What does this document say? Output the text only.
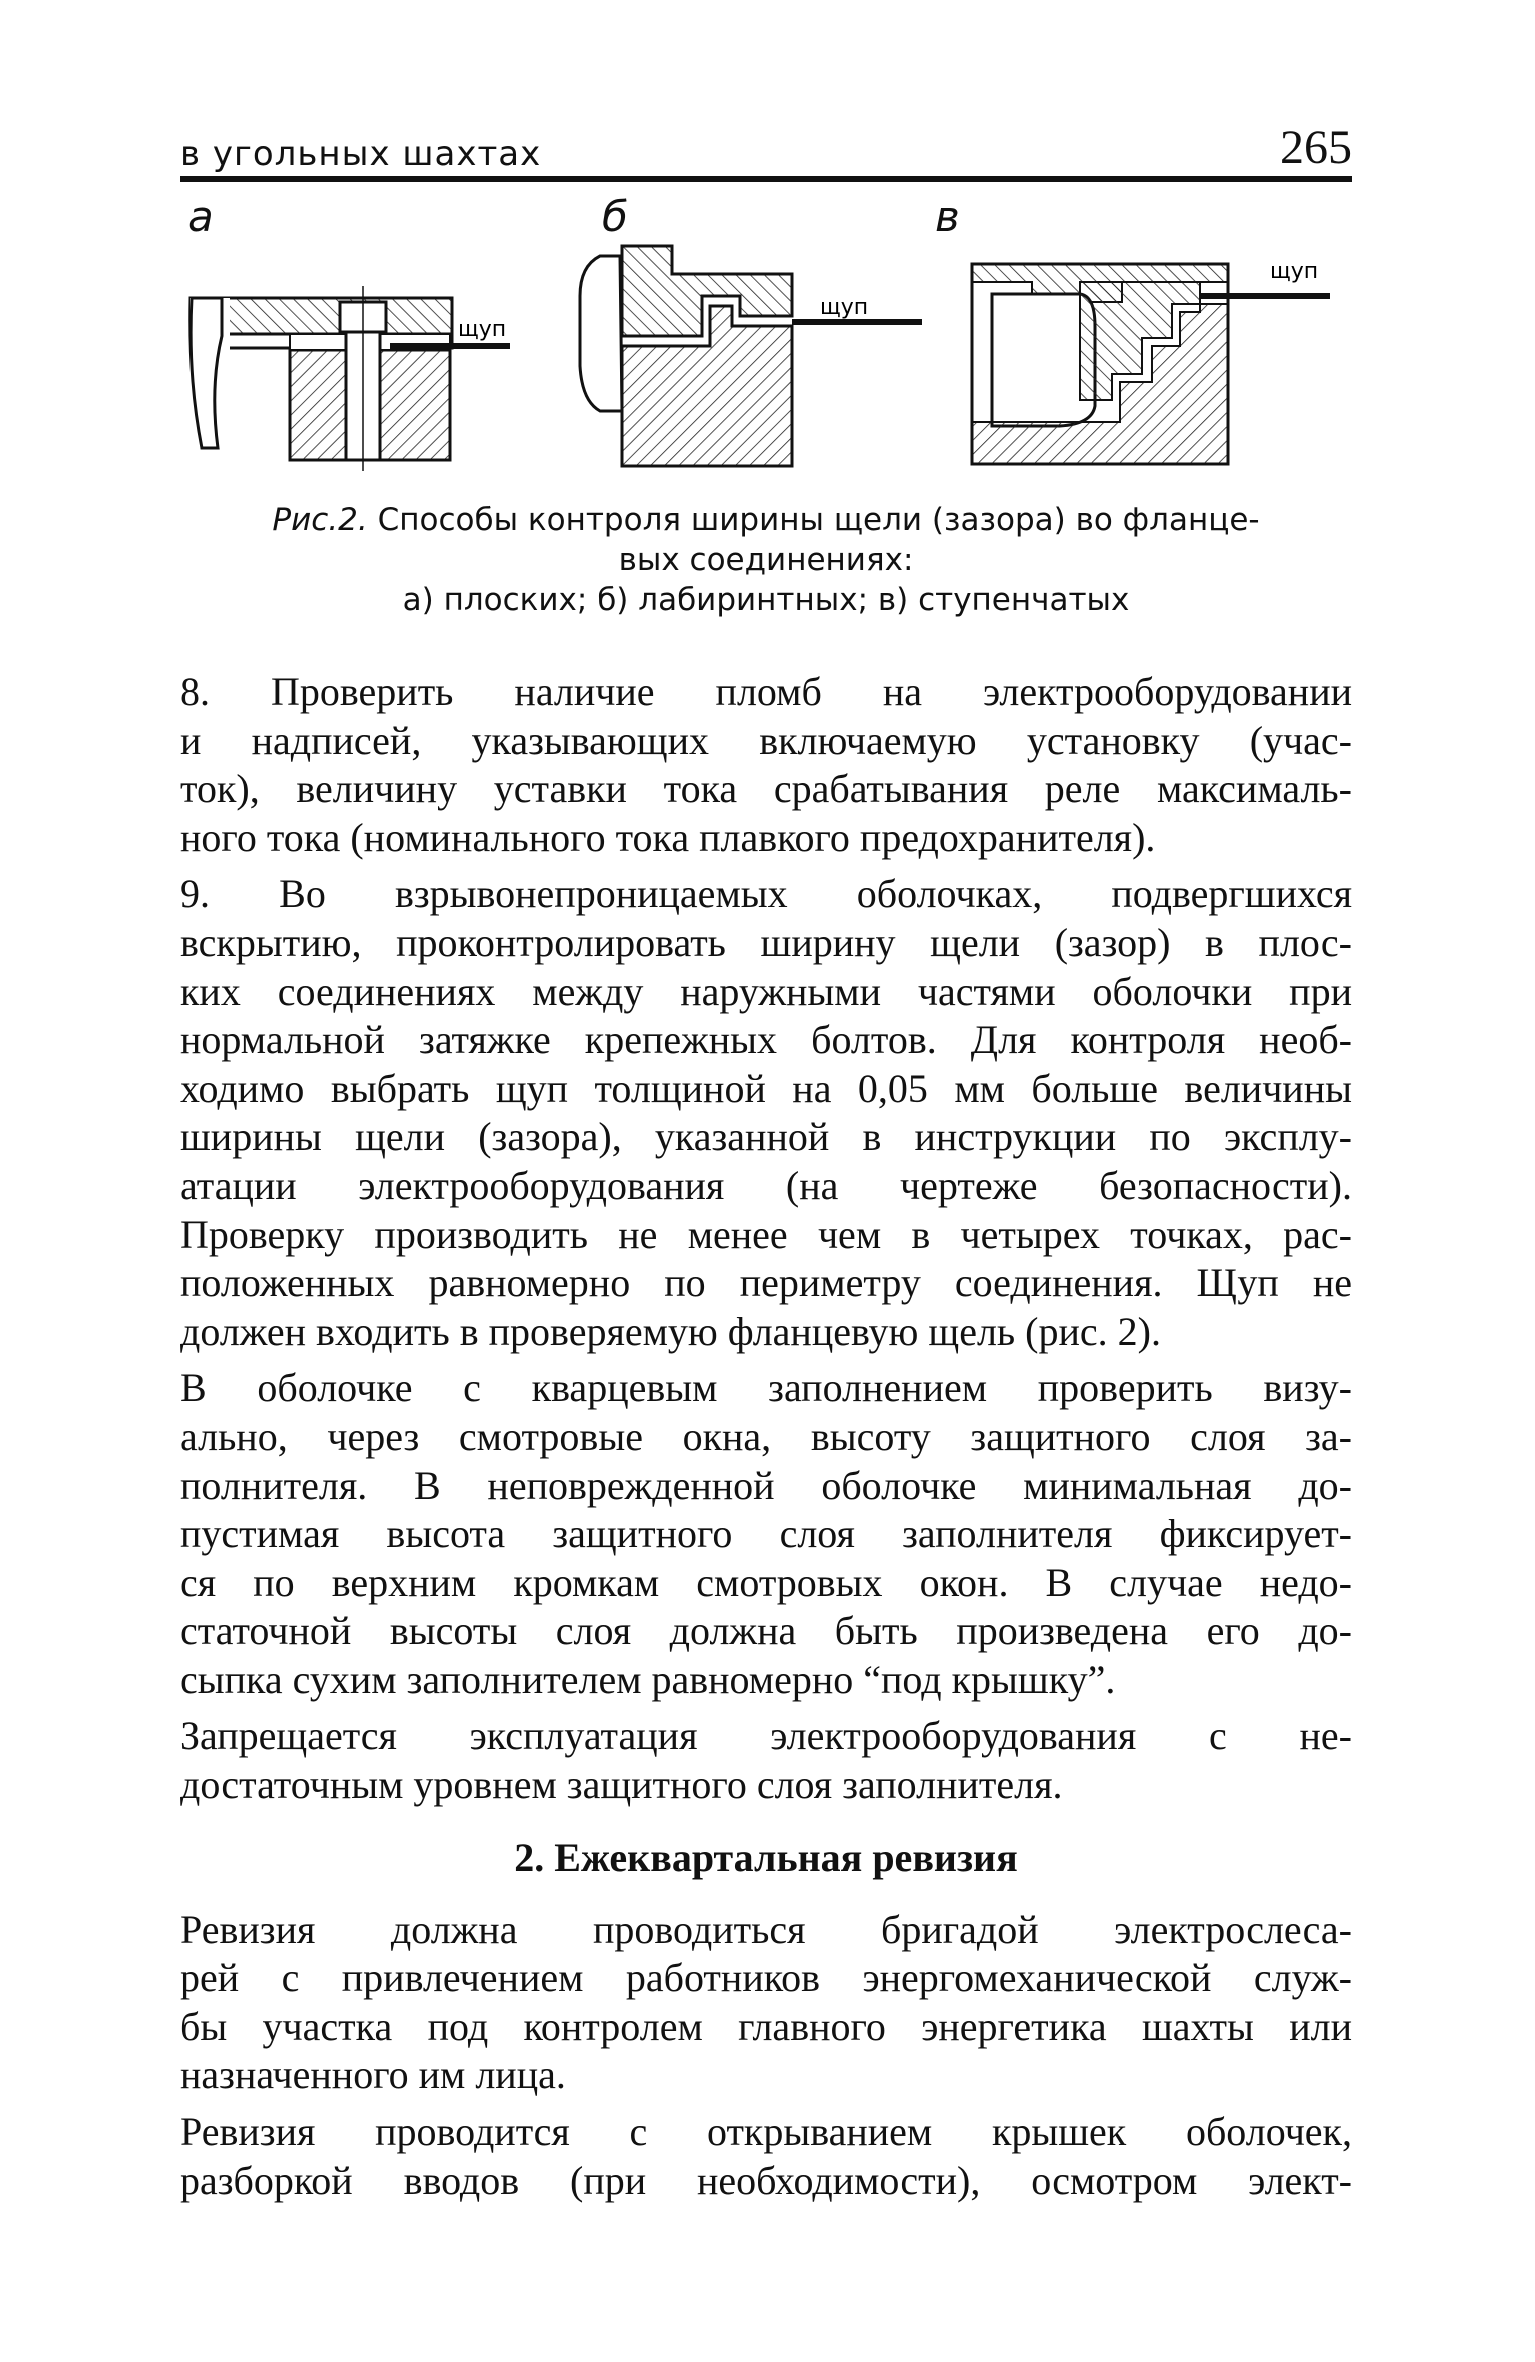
в угольных шахтах	265
щуп
щуп
щуп
а	б	в
Рис.2. Способы контроля ширины щели (зазора) во фланце-
вых соединениях:
а) плоских; б) лабиринтных; в) ступенчатых
8. Проверить наличие пломб на электрооборудовании
и надписей, указывающих включаемую установку (учас-
ток), величину уставки тока срабатывания реле максималь-
ного тока (номинального тока плавкого предохранителя).
9. Во взрывонепроницаемых оболочках, подвергшихся
вскрытию, проконтролировать ширину щели (зазор) в плос-
ких соединениях между наружными частями оболочки при
нормальной затяжке крепежных болтов. Для контроля необ-
ходимо выбрать щуп толщиной на 0,05 мм больше величины
ширины щели (зазора), указанной в инструкции по эксплу-
атации электрооборудования (на чертеже безопасности).
Проверку производить не менее чем в четырех точках, рас-
положенных равномерно по периметру соединения. Щуп не
должен входить в проверяемую фланцевую щель (рис. 2).
В оболочке с кварцевым заполнением проверить визу-
ально, через смотровые окна, высоту защитного слоя за-
полнителя. В неповрежденной оболочке минимальная до-
пустимая высота защитного слоя заполнителя фиксирует-
ся по верхним кромкам смотровых окон. В случае недо-
статочной высоты слоя должна быть произведена его до-
сыпка сухим заполнителем равномерно “под крышку”.
Запрещается эксплуатация электрооборудования с не-
достаточным уровнем защитного слоя заполнителя.
2. Ежеквартальная ревизия
Ревизия должна проводиться бригадой электрослеса-
рей с привлечением работников энергомеханической служ-
бы участка под контролем главного энергетика шахты или
назначенного им лица.
Ревизия проводится с открыванием крышек оболочек,
разборкой вводов (при необходимости), осмотром элект-
